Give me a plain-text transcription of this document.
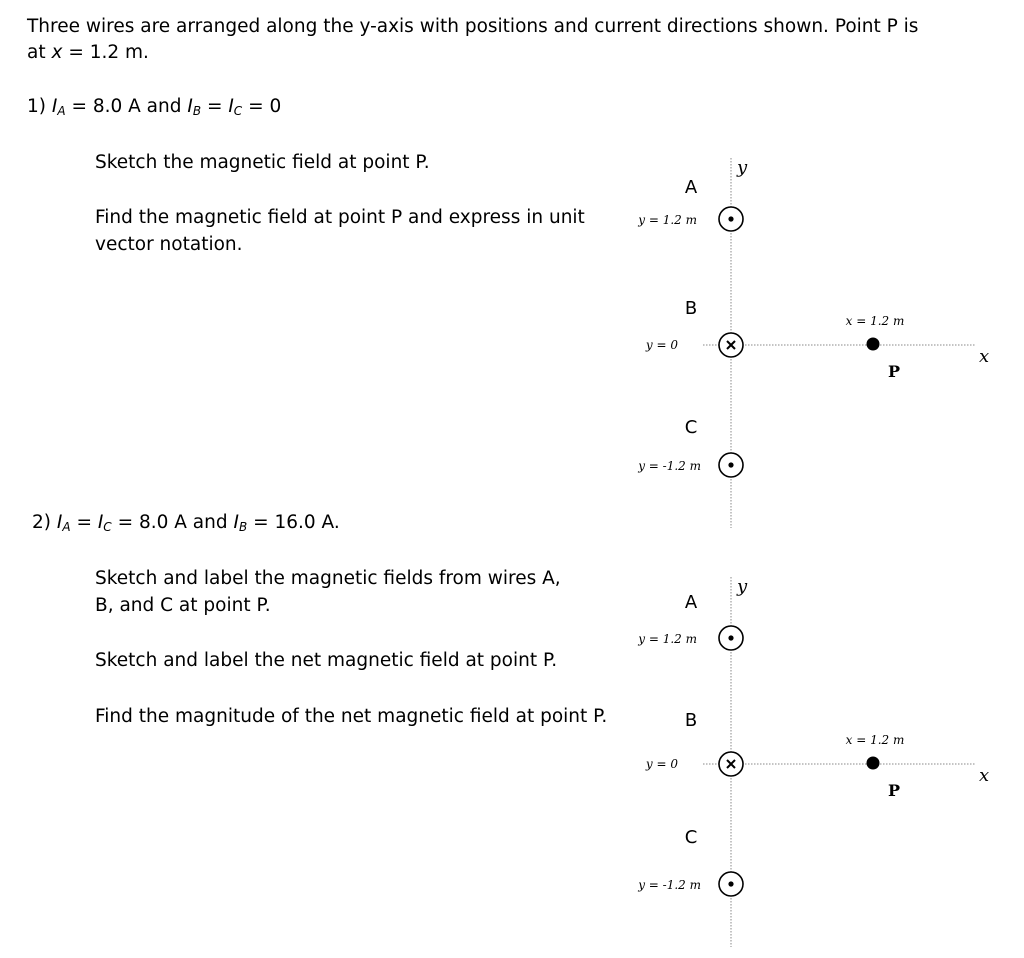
Three wires are arranged along the y-axis with positions and current directions shown. Point P is at x = 1.2 m.
1) $I_A = 8.0$ A and $I_B = I_C = 0$
Sketch the magnetic field at point P.
Find the magnetic field at point P and express in unit vector notation.
2) $I_A = I_C = 8.0$ A and $I_B = 16.0$ A.
Sketch and label the magnetic fields from wires A, B, and C at point P.
Sketch and label the net magnetic field at point P.
Find the magnitude of the net magnetic field at point P.
y
x
A
y = 1.2 m
B
y = 0
C
y = -1.2 m
x = 1.2 m
P
y
x
A
y = 1.2 m
B
y = 0
C
y = -1.2 m
x = 1.2 m
P
